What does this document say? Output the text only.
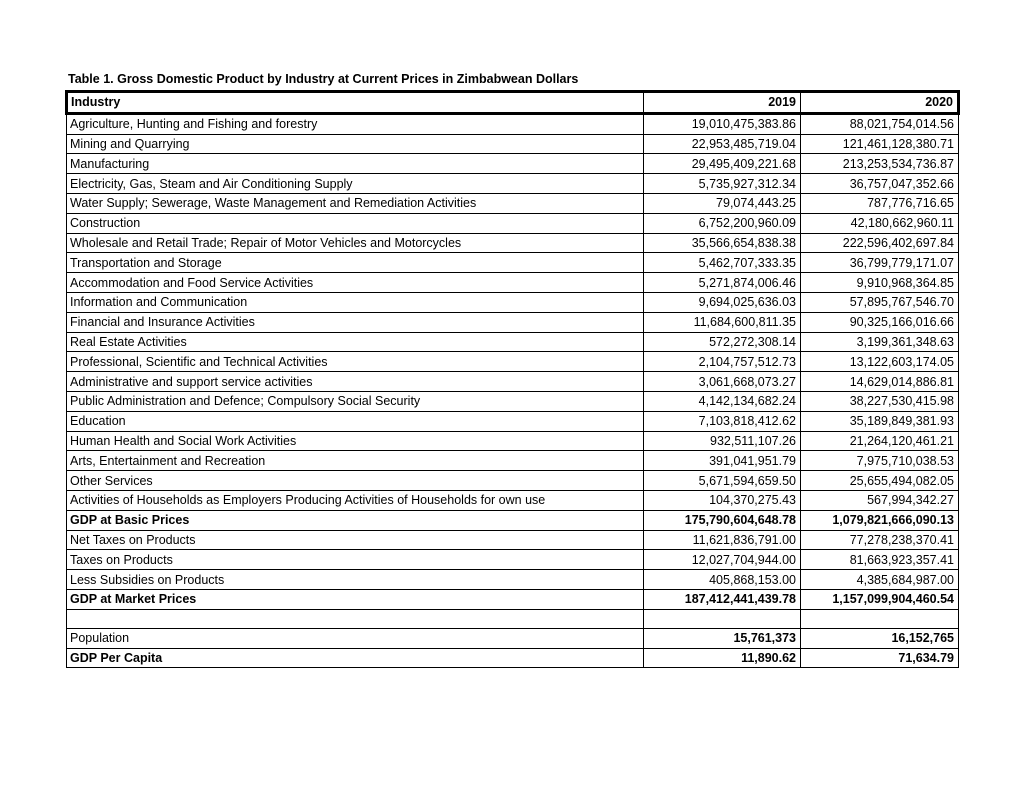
Table 1. Gross Domestic Product by Industry at Current Prices in Zimbabwean Dollars
Industry	2019	2020
Agriculture, Hunting and Fishing and forestry	19,010,475,383.86	88,021,754,014.56
Mining and Quarrying	22,953,485,719.04	121,461,128,380.71
Manufacturing	29,495,409,221.68	213,253,534,736.87
Electricity, Gas, Steam and Air Conditioning Supply	5,735,927,312.34	36,757,047,352.66
Water Supply; Sewerage, Waste Management and Remediation Activities	79,074,443.25	787,776,716.65
Construction	6,752,200,960.09	42,180,662,960.11
Wholesale and Retail Trade; Repair of Motor Vehicles and Motorcycles	35,566,654,838.38	222,596,402,697.84
Transportation and Storage	5,462,707,333.35	36,799,779,171.07
Accommodation and Food Service Activities	5,271,874,006.46	9,910,968,364.85
Information and Communication	9,694,025,636.03	57,895,767,546.70
Financial and Insurance Activities	11,684,600,811.35	90,325,166,016.66
Real Estate Activities	572,272,308.14	3,199,361,348.63
Professional, Scientific and Technical Activities	2,104,757,512.73	13,122,603,174.05
Administrative and support service activities	3,061,668,073.27	14,629,014,886.81
Public Administration and Defence; Compulsory Social Security	4,142,134,682.24	38,227,530,415.98
Education	7,103,818,412.62	35,189,849,381.93
Human Health and Social Work Activities	932,511,107.26	21,264,120,461.21
Arts, Entertainment and Recreation	391,041,951.79	7,975,710,038.53
Other Services	5,671,594,659.50	25,655,494,082.05
Activities of Households as Employers Producing Activities of Households for own use	104,370,275.43	567,994,342.27
GDP at Basic Prices	175,790,604,648.78	1,079,821,666,090.13
Net Taxes on Products	11,621,836,791.00	77,278,238,370.41
Taxes on Products	12,027,704,944.00	81,663,923,357.41
Less Subsidies on Products	405,868,153.00	4,385,684,987.00
GDP at Market Prices	187,412,441,439.78	1,157,099,904,460.54

Population	15,761,373	16,152,765
GDP Per Capita	11,890.62	71,634.79
